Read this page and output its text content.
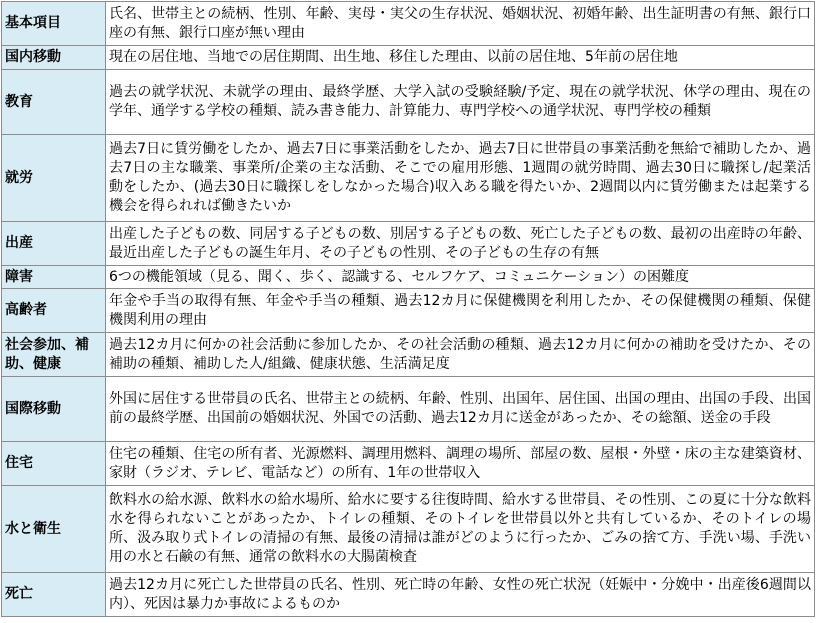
基本項目	氏名、世帯主との続柄、性別、年齢、実母・実父の生存状況、婚姻状況、初婚年齢、出生証明書の有無、銀行口座の有無、銀行口座が無い理由
国内移動	現在の居住地、当地での居住期間、出生地、移住した理由、以前の居住地、5年前の居住地
教育	過去の就学状況、未就学の理由、最終学歴、大学入試の受験経験/予定、現在の就学状況、休学の理由、現在の学年、通学する学校の種類、読み書き能力、計算能力、専門学校への通学状況、専門学校の種類
就労	過去7日に賃労働をしたか、過去7日に事業活動をしたか、過去7日に世帯員の事業活動を無給で補助したか、過去7日の主な職業、事業所/企業の主な活動、そこでの雇用形態、1週間の就労時間、過去30日に職探し/起業活動をしたか、(過去30日に職探しをしなかった場合)収入ある職を得たいか、2週間以内に賃労働または起業する機会を得られれば働きたいか
出産	出産した子どもの数、同居する子どもの数、別居する子どもの数、死亡した子どもの数、最初の出産時の年齢、最近出産した子どもの誕生年月、その子どもの性別、その子どもの生存の有無
障害	6つの機能領域（見る、聞く、歩く、認識する、セルフケア、コミュニケーション）の困難度
高齢者	年金や手当の取得有無、年金や手当の種類、過去12カ月に保健機関を利用したか、その保健機関の種類、保健機関利用の理由
社会参加、補助、健康	過去12カ月に何かの社会活動に参加したか、その社会活動の種類、過去12カ月に何かの補助を受けたか、その補助の種類、補助した人/組織、健康状態、生活満足度
国際移動	外国に居住する世帯員の氏名、世帯主との続柄、年齢、性別、出国年、居住国、出国の理由、出国の手段、出国前の最終学歴、出国前の婚姻状況、外国での活動、過去12カ月に送金があったか、その総額、送金の手段
住宅	住宅の種類、住宅の所有者、光源燃料、調理用燃料、調理の場所、部屋の数、屋根・外壁・床の主な建築資材、家財（ラジオ、テレビ、電話など）の所有、1年の世帯収入
水と衛生	飲料水の給水源、飲料水の給水場所、給水に要する往復時間、給水する世帯員、その性別、この夏に十分な飲料水を得られないことがあったか、トイレの種類、そのトイレを世帯員以外と共有しているか、そのトイレの場所、汲み取り式トイレの清掃の有無、最後の清掃は誰がどのように行ったか、ごみの捨て方、手洗い場、手洗い用の水と石鹸の有無、通常の飲料水の大腸菌検査
死亡	過去12カ月に死亡した世帯員の氏名、性別、死亡時の年齢、女性の死亡状況（妊娠中・分娩中・出産後6週間以内）、死因は暴力か事故によるものか
